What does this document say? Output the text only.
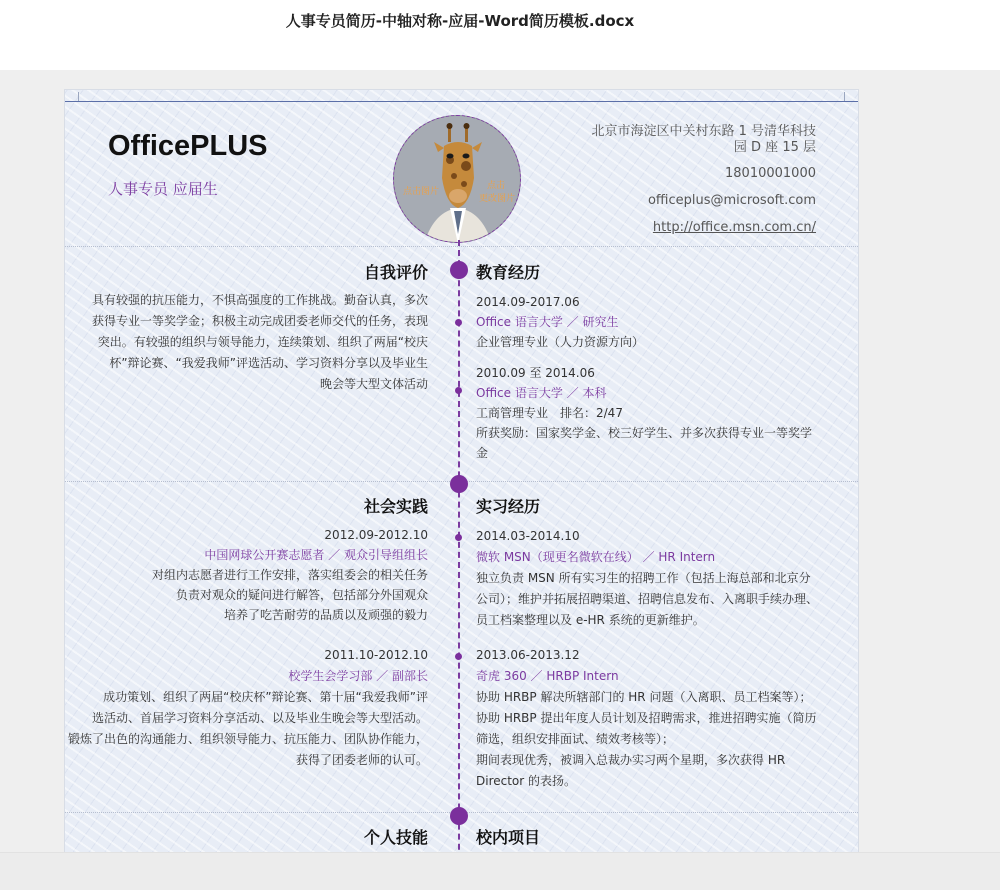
人事专员简历-中轴对称-应届-Word简历模板.docx
OfficePLUS
人事专员 应届生	点击图片
点击
更改图片
北京市海淀区中关村东路 1 号清华科技
园 D 座 15 层
18010001000
officeplus@microsoft.com
http://office.msn.com.cn/
自我评价
具有较强的抗压能力，不惧高强度的工作挑战。勤奋认真，多次
获得专业一等奖学金；积极主动完成团委老师交代的任务，表现
突出。有较强的组织与领导能力，连续策划、组织了两届“校庆
杯”辩论赛、“我爱我师”评选活动、学习资料分享以及毕业生
晚会等大型文体活动
教育经历
2014.09-2017.06
Office 语言大学 ／ 研究生
企业管理专业（人力资源方向）
2010.09 至 2014.06
Office 语言大学 ／ 本科
工商管理专业　排名：2/47
所获奖励：国家奖学金、校三好学生、并多次获得专业一等奖学
金
社会实践
2012.09-2012.10
中国网球公开赛志愿者 ／ 观众引导组组长
对组内志愿者进行工作安排，落实组委会的相关任务
负责对观众的疑问进行解答，包括部分外国观众
培养了吃苦耐劳的品质以及顽强的毅力
2011.10-2012.10
校学生会学习部 ／ 副部长
成功策划、组织了两届“校庆杯”辩论赛、第十届“我爱我师”评
选活动、首届学习资料分享活动、以及毕业生晚会等大型活动。
锻炼了出色的沟通能力、组织领导能力、抗压能力、团队协作能力，
获得了团委老师的认可。
实习经历
2014.03-2014.10
微软 MSN（现更名微软在线） ／ HR Intern
独立负责 MSN 所有实习生的招聘工作（包括上海总部和北京分
公司）；维护并拓展招聘渠道、招聘信息发布、入离职手续办理、
员工档案整理以及 e-HR 系统的更新维护。
2013.06-2013.12
奇虎 360 ／ HRBP Intern
协助 HRBP 解决所辖部门的 HR 问题（入离职、员工档案等）；
协助 HRBP 提出年度人员计划及招聘需求，推进招聘实施（简历
筛选，组织安排面试、绩效考核等）；
期间表现优秀，被调入总裁办实习两个星期，多次获得 HR
Director 的表扬。
个人技能	校内项目
